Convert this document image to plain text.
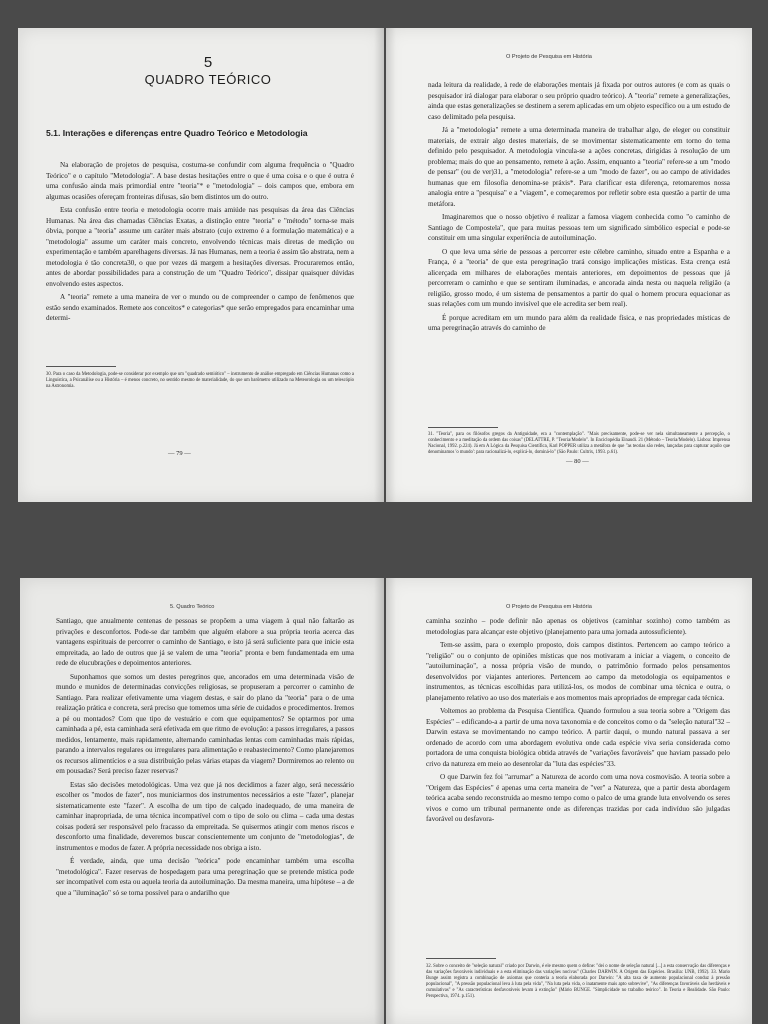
5
QUADRO TEÓRICO
5.1. Interações e diferenças entre Quadro Teórico e Metodologia

Na elaboração de projetos de pesquisa, costuma-se confundir com alguma frequência o "Quadro Teórico" e o capítulo "Metodologia". A base destas hesitações entre o que é uma coisa e o que é outra é uma confusão ainda mais primordial entre "teoria"* e "metodologia" – dois campos que, embora em algumas ocasiões ofereçam fronteiras difusas, são bem distintos um do outro.

Esta confusão entre teoria e metodologia ocorre mais amiúde nas pesquisas da área das Ciências Humanas. Na área das chamadas Ciências Exatas, a distinção entre "teoria" e "método" torna-se mais óbvia, porque a "teoria" assume um caráter mais abstrato (cujo extremo é a formulação matemática) e a "metodologia" assume um caráter mais concreto, envolvendo técnicas mais diretas de medição ou experimentação e também aparelhagens diversas. Já nas Humanas, nem a teoria é assim tão abstrata, nem a metodologia é tão concreta30, o que por vezes dá margem a hesitações diversas. Procuraremos então, antes de abordar possibilidades para a construção de um "Quadro Teórico", dissipar quaisquer dúvidas envolvendo estes aspectos.

A "teoria" remete a uma maneira de ver o mundo ou de compreender o campo de fenômenos que estão sendo examinados. Remete aos conceitos* e categorias* que serão empregados para encaminhar uma determi-

30. Para o caso da Metodologia, pode-se considerar por exemplo que um "quadrado semiótico" – instrumento de análise empregado em Ciências Humanas como a Linguística, a Psicanálise ou a História – é menos concreto, no sentido mesmo de materialidade, do que um barômetro utilizado na Meteorologia ou um telescópio na Astronomia.
— 79 —
O Projeto de Pesquisa em História

nada leitura da realidade, à rede de elaborações mentais já fixada por outros autores (e com as quais o pesquisador irá dialogar para elaborar o seu próprio quadro teórico). A "teoria" remete a generalizações, ainda que estas generalizações se destinem a serem aplicadas em um objeto específico ou a um estudo de caso delimitado pela pesquisa.

Já a "metodologia" remete a uma determinada maneira de trabalhar algo, de eleger ou constituir materiais, de extrair algo destes materiais, de se movimentar sistematicamente em torno do tema definido pelo pesquisador. A metodologia vincula-se a ações concretas, dirigidas à resolução de um problema; mais do que ao pensamento, remete à ação. Assim, enquanto a "teoria" refere-se a um "modo de pensar" (ou de ver)31, a "metodologia" refere-se a um "modo de fazer", ou ao campo de atividades humanas que em filosofia denomina-se práxis*. Para clarificar esta diferença, retomaremos nossa analogia entre a "pesquisa" e a "viagem", e começaremos por refletir sobre esta questão a partir de uma metáfora.

Imaginaremos que o nosso objetivo é realizar a famosa viagem conhecida como "o caminho de Santiago de Compostela", que para muitas pessoas tem um significado simbólico especial e pode-se constituir em uma singular experiência de autoiluminação.

O que leva uma série de pessoas a percorrer este célebre caminho, situado entre a Espanha e a França, é a "teoria" de que esta peregrinação trará consigo implicações místicas. Esta crença está alicerçada em milhares de elaborações mentais anteriores, em depoimentos de pessoas que já percorreram o caminho e que se sentiram iluminadas, e ancorada ainda nesta ou naquela religião (a religião, grosso modo, é um sistema de pensamentos a partir do qual o homem procura equacionar as suas relações com um mundo invisível que ele acredita ser bem real).

É porque acreditam em um mundo para além da realidade física, e nas propriedades místicas de uma peregrinação através do caminho de

31. "Teoria", para os filósofos gregos da Antiguidade, era a "contemplação". "Mais precisamente, pode-se ver nela simultaneamente a percepção, o conhecimento e a meditação da ordem das coisas" (DELATTRE, P. "Teoria/Modelo". In Enciclopédia Einaudi. 21 (Método – Teoria/Modelo). Lisboa: Imprensa Nacional, 1992. p.224). Já em A Lógica da Pesquisa Científica, Karl POPPER utiliza a metáfora de que "as teorias são redes, lançadas para capturar aquilo que denominamos 'o mundo': para racionalizá-lo, explicá-lo, dominá-lo" (São Paulo: Cultrix, 1993. p.61).
— 80 —
5. Quadro Teórico

Santiago, que anualmente centenas de pessoas se propõem a uma viagem à qual não faltarão as privações e desconfortos. Pode-se dar também que alguém elabore a sua própria teoria acerca das vantagens espirituais de percorrer o caminho de Santiago, e isto já será suficiente para que inicie esta empreitada, ao lado de outros que já se valem de uma "teoria" pronta e bem fundamentada em uma rede de elucubrações e depoimentos anteriores.

Suponhamos que somos um destes peregrinos que, ancorados em uma determinada visão de mundo e munidos de determinadas convicções religiosas, se propuseram a percorrer o caminho de Santiago. Para realizar efetivamente uma viagem destas, e sair do plano da "teoria" para o de uma realização prática e concreta, será preciso que tomemos uma série de cuidados e procedimentos. Iremos a pé ou montados? Com que tipo de vestuário e com que equipamentos? Se optarmos por uma caminhada a pé, esta caminhada será efetivada em que ritmo de evolução: a passos irregulares, a passos medidos, lentamente, mais rapidamente, alternando caminhadas lentas com caminhadas mais rápidas, parando a intervalos regulares ou irregulares para alimentação e reabastecimento? Como planejaremos os recursos alimentícios e a sua distribuição pelas várias etapas da viagem? Dormiremos ao relento ou em pousadas? Será preciso fazer reservas?

Estas são decisões metodológicas. Uma vez que já nos decidimos a fazer algo, será necessário escolher os "modos de fazer", nos municiarmos dos instrumentos necessários a este "fazer", planejar sistematicamente este "fazer". A escolha de um tipo de calçado inadequado, de uma maneira de caminhar inapropriada, de uma técnica incompatível com o tipo de solo ou clima – cada uma destas coisas poderá ser responsável pelo fracasso da empreitada. Se quisermos atingir com menos riscos e desconforto uma finalidade, deveremos buscar conscientemente um conjunto de "metodologias", de instrumentos e modos de fazer. A própria necessidade nos obriga a isto.

É verdade, ainda, que uma decisão "teórica" pode encaminhar também uma escolha "metodológica". Fazer reservas de hospedagem para uma peregrinação que se pretende mística pode ser incompatível com esta ou aquela teoria da autoiluminação. Da mesma maneira, uma hipótese – a de que a "iluminação" só se torna possível para o andarilho que

O Projeto de Pesquisa em História

caminha sozinho – pode definir não apenas os objetivos (caminhar sozinho) como também as metodologias para alcançar este objetivo (planejamento para uma jornada autossuficiente).

Tem-se assim, para o exemplo proposto, dois campos distintos. Pertencem ao campo teórico a "religião" ou o conjunto de opiniões místicas que nos motivaram a iniciar a viagem, o conceito de "autoiluminação", a nossa própria visão de mundo, o patrimônio formado pelos pensamentos desenvolvidos por viajantes anteriores. Pertencem ao campo da metodologia os equipamentos e instrumentos, as técnicas escolhidas para utilizá-los, os modos de combinar uma técnica e outra, o planejamento relativo ao uso dos materiais e aos momentos mais apropriados de empregar cada técnica.

Voltemos ao problema da Pesquisa Científica. Quando formulou a sua teoria sobre a "Origem das Espécies" – edificando-a a partir de uma nova taxonomia e de conceitos como o da "seleção natural"32 – Darwin estava se movimentando no campo teórico. A partir daqui, o mundo natural passava a ser ordenado de acordo com uma abordagem evolutiva onde cada espécie viva seria considerada como portadora de uma conquista biológica obtida através de "variações favoráveis" que haviam passado pelo crivo da natureza em meio ao desenrolar da "luta das espécies"33.

O que Darwin fez foi "arrumar" a Natureza de acordo com uma nova cosmovisão. A teoria sobre a "Origem das Espécies" é apenas uma certa maneira de "ver" a Natureza, que a partir desta abordagem teórica acaba sendo reconstruída ao mesmo tempo como o palco de uma grande luta envolvendo os seres vivos e como um tribunal permanente onde as diferenças trazidas por cada indivíduo são julgadas favorável ou desfavora-

32. Sobre o conceito de "seleção natural" criado por Darwin, é ele mesmo quem o define: "dei o nome de seleção natural [...] a esta conservação das diferenças e das variações favoráveis individuais e a esta eliminação das variações nocivas" (Charles DARWIN. A Origem das Espécies. Brasília: UNB, 1992). 33. Mario Bunge assim registra a combinação de axiomas que conteria a teoria elaborada por Darwin: "A alta taxa de aumento populacional conduz à pressão populacional", "A pressão populacional leva à luta pela vida", "Na luta pela vida, o inatamente mais apto sobrevive", "As diferenças favoráveis são herdáveis e cumulativas" e "As características desfavoráveis levam à extinção" (Mário BUNGE. "Simplicidade no trabalho teórico". In Teoria e Realidade. São Paulo: Perspectiva, 1974. p.151).
